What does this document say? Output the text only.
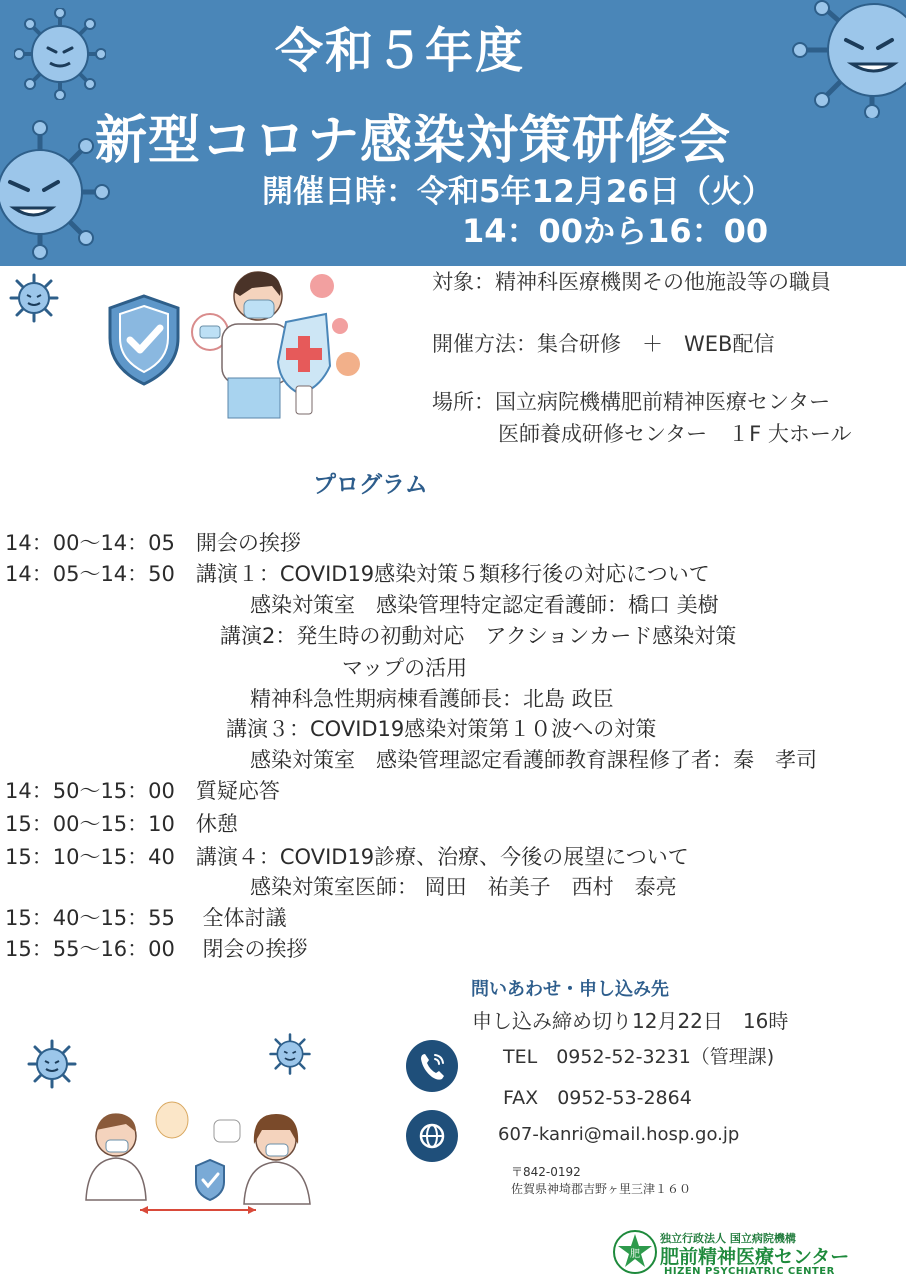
令和５年度
新型コロナ感染対策研修会
開催日時：令和5年12月26日（火）
14：00から16：00
対象：精神科医療機関その他施設等の職員
開催方法：集合研修　＋　WEB配信
場所：国立病院機構肥前精神医療センター
医師養成研修センター　１F 大ホール
プログラム
14：00〜14：05　開会の挨拶
14：05〜14：50　講演１：COVID19感染対策５類移行後の対応について
感染対策室　感染管理特定認定看護師：橋口 美樹
講演2：発生時の初動対応　アクションカード感染対策
マップの活用
精神科急性期病棟看護師長：北島 政臣
講演３：COVID19感染対策第１０波への対策
感染対策室　感染管理認定看護師教育課程修了者：秦　孝司
14：50〜15：00　質疑応答
15：00〜15：10　休憩
15：10〜15：40　講演４：COVID19診療、治療、今後の展望について
感染対策室医師： 岡田　祐美子　西村　泰亮
15：40〜15：55　 全体討議
15：55〜16：00　 閉会の挨拶
問いあわせ・申し込み先
申し込み締め切り12月22日　16時
TEL　0952-52-3231（管理課)
FAX　0952-53-2864
607-kanri@mail.hosp.go.jp
〒842-0192
佐賀県神埼郡吉野ヶ里三津１６０
肥
独立行政法人 国立病院機構
肥前精神医療センター
HIZEN PSYCHIATRIC CENTER
